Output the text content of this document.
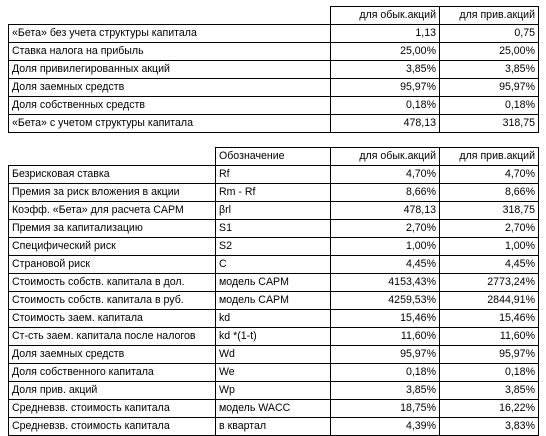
	для обык.акций	для прив.акций
«Бета» без учета структуры капитала	1,13	0,75
Ставка налога на прибыль	25,00%	25,00%
Доля привилегированных акций	3,85%	3,85%
Доля заемных средств	95,97%	95,97%
Доля собственных средств	0,18%	0,18%
«Бета» с учетом структуры капитала	478,13	318,75
	Обозначение	для обык.акций	для прив.акций
Безрисковая ставка	Rf	4,70%	4,70%
Премия за риск вложения в акции	Rm - Rf	8,66%	8,66%
Коэфф. «Бета» для расчета CAPM	βrl	478,13	318,75
Премия за капитализацию	S1	2,70%	2,70%
Специфический риск	S2	1,00%	1,00%
Страновой риск	C	4,45%	4,45%
Стоимость собств. капитала в дол.	модель CAPM	4153,43%	2773,24%
Стоимость собств. капитала в руб.	модель CAPM	4259,53%	2844,91%
Стоимость заем. капитала	kd	15,46%	15,46%
Ст-сть заем. капитала после налогов	kd *(1-t)	11,60%	11,60%
Доля заемных средств	Wd	95,97%	95,97%
Доля собственного капитала	We	0,18%	0,18%
Доля прив. акций	Wp	3,85%	3,85%
Средневзв. стоимость капитала	модель WACC	18,75%	16,22%
Средневзв. стоимость капитала	в квартал	4,39%	3,83%
